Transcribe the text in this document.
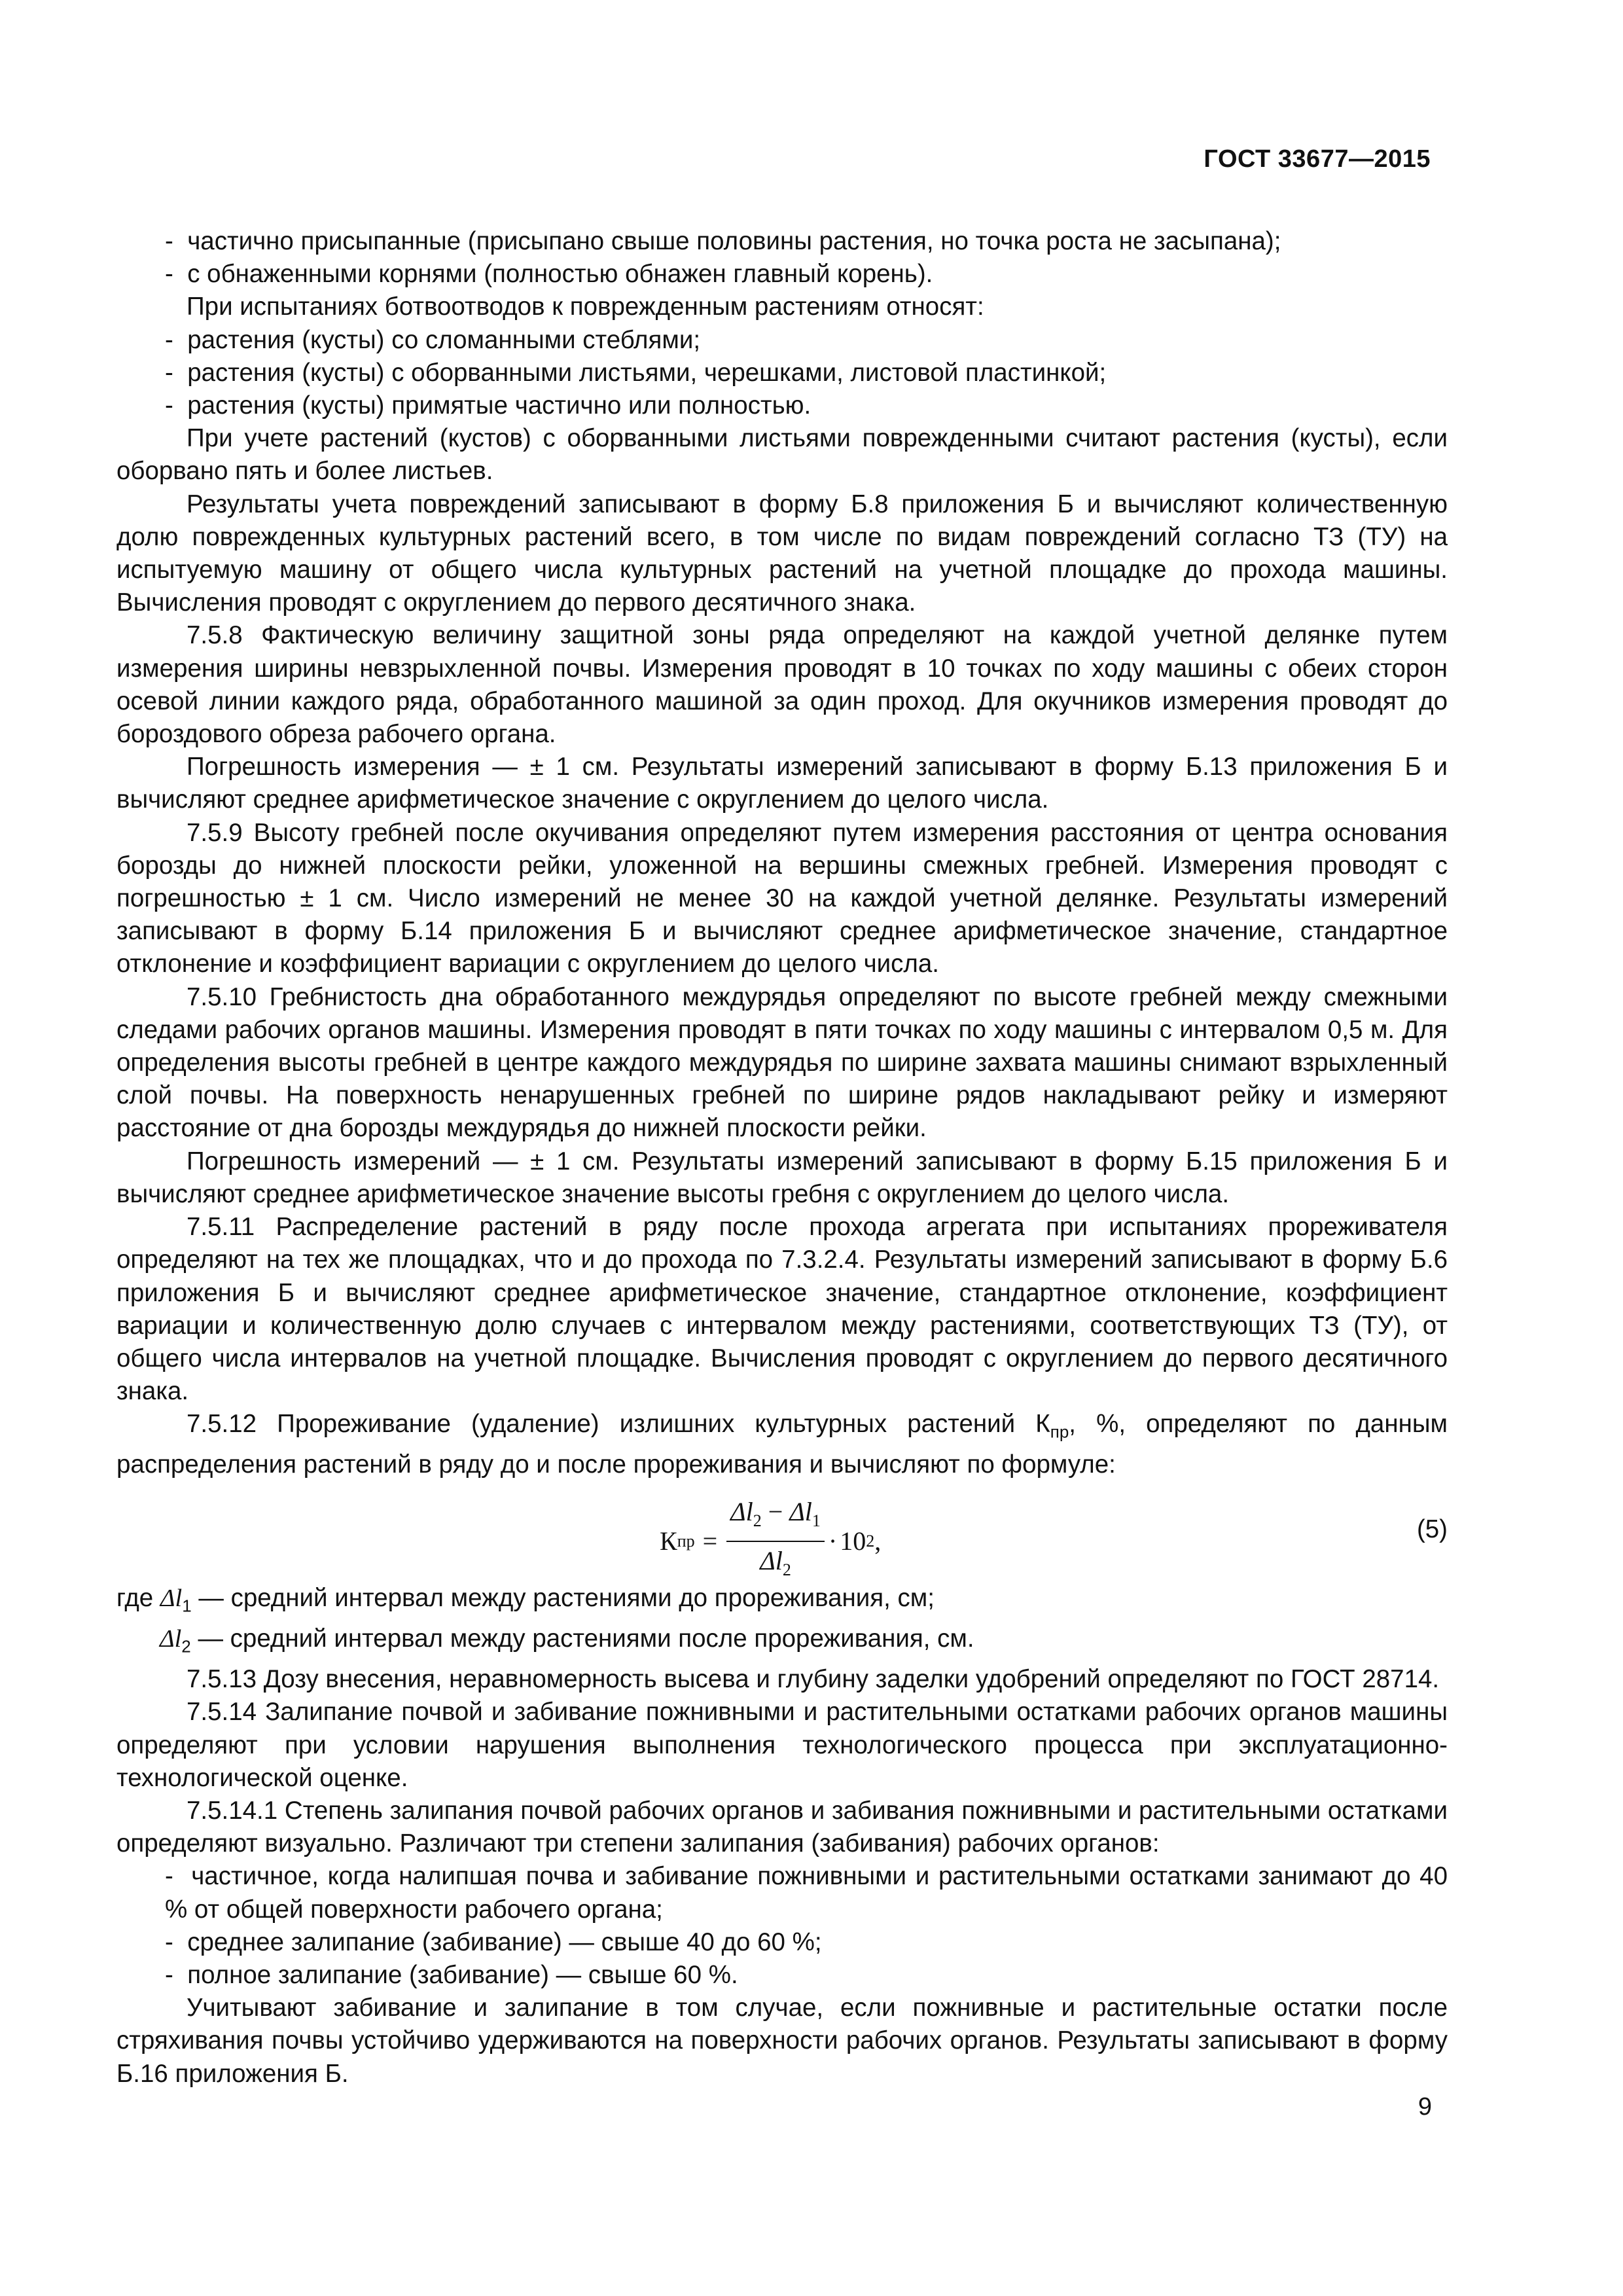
ГОСТ 33677—2015

-  частично присыпанные (присыпано свыше половины растения, но точка роста не засыпана);

-  с обнаженными корнями (полностью обнажен главный корень).

При испытаниях ботвоотводов к поврежденным растениям относят:

-  растения (кусты) со сломанными стеблями;

-  растения (кусты) с оборванными листьями, черешками, листовой пластинкой;

-  растения (кусты) примятые частично или полностью.

При учете растений (кустов) с оборванными листьями поврежденными считают растения (кусты), если оборвано пять и более листьев.

Результаты учета повреждений записывают в форму Б.8 приложения Б и вычисляют количественную долю поврежденных культурных растений всего, в том числе по видам повреждений согласно ТЗ (ТУ) на испытуемую машину от общего числа культурных растений на учетной площадке до прохода машины. Вычисления проводят с округлением до первого десятичного знака.

7.5.8 Фактическую величину защитной зоны ряда определяют на каждой учетной делянке путем измерения ширины невзрыхленной почвы. Измерения проводят в 10 точках по ходу машины с обеих сторон осевой линии каждого ряда, обработанного машиной за один проход. Для окучников измерения проводят до бороздового обреза рабочего органа.

Погрешность измерения — ± 1 см. Результаты измерений записывают в форму Б.13 приложения Б и вычисляют среднее арифметическое значение с округлением до целого числа.

7.5.9 Высоту гребней после окучивания определяют путем измерения расстояния от центра основания борозды до нижней плоскости рейки, уложенной на вершины смежных гребней. Измерения проводят с погрешностью ± 1 см. Число измерений не менее 30 на каждой учетной делянке. Результаты измерений записывают в форму Б.14 приложения Б и вычисляют среднее арифметическое значение, стандартное отклонение и коэффициент вариации с округлением до целого числа.

7.5.10 Гребнистость дна обработанного междурядья определяют по высоте гребней между смежными следами рабочих органов машины. Измерения проводят в пяти точках по ходу машины с интервалом 0,5 м. Для определения высоты гребней в центре каждого междурядья по ширине захвата машины снимают взрыхленный слой почвы. На поверхность ненарушенных гребней по ширине рядов накладывают рейку и измеряют расстояние от дна борозды междурядья до нижней плоскости рейки.

Погрешность измерений — ± 1 см. Результаты измерений записывают в форму Б.15 приложения Б и вычисляют среднее арифметическое значение высоты гребня с округлением до целого числа.

7.5.11 Распределение растений в ряду после прохода агрегата при испытаниях прореживателя определяют на тех же площадках, что и до прохода по 7.3.2.4. Результаты измерений записывают в форму Б.6 приложения Б и вычисляют среднее арифметическое значение, стандартное отклонение, коэффициент вариации и количественную долю случаев с интервалом между растениями, соответствующих ТЗ (ТУ), от общего числа интервалов на учетной площадке. Вычисления проводят с округлением до первого десятичного знака.

7.5.12 Прореживание (удаление) излишних культурных растений $К_{пр}$, %, определяют по данным распределения растений в ряду до и после прореживания и вычисляют по формуле:

К пр = $\frac{\Delta l_2 - \Delta l_1}{\Delta l_2} \cdot 10$ 2 ,	(5)

где $\Delta l_1$ — средний интервал между растениями до прореживания, см;

$\Delta l_2$ — средний интервал между растениями после прореживания, см.

7.5.13 Дозу внесения, неравномерность высева и глубину заделки удобрений определяют по ГОСТ 28714.

7.5.14 Залипание почвой и забивание пожнивными и растительными остатками рабочих органов машины определяют при условии нарушения выполнения технологического процесса при эксплуатационно-технологической оценке.

7.5.14.1 Степень залипания почвой рабочих органов и забивания пожнивными и растительными остатками определяют визуально. Различают три степени залипания (забивания) рабочих органов:

-  частичное, когда налипшая почва и забивание пожнивными и растительными остатками занимают до 40 % от общей поверхности рабочего органа;

-  среднее залипание (забивание) — свыше 40 до 60 %;

-  полное залипание (забивание) — свыше 60 %.

Учитывают забивание и залипание в том случае, если пожнивные и растительные остатки после стряхивания почвы устойчиво удерживаются на поверхности рабочих органов. Результаты записывают в форму Б.16 приложения Б.

9
